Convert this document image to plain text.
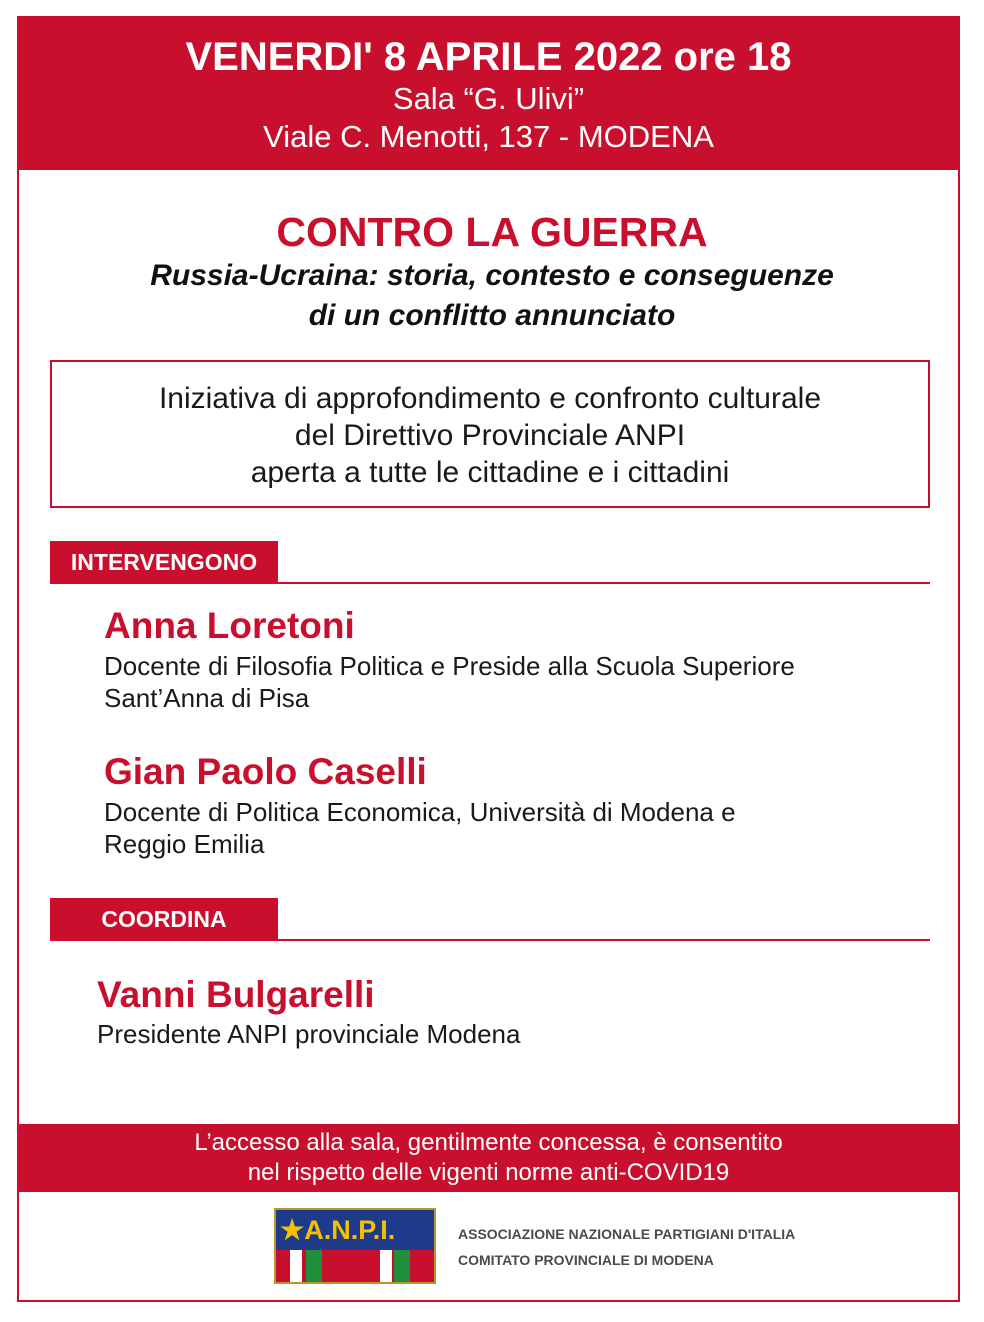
VENERDI' 8 APRILE 2022 ore 18
Sala “G. Ulivi”
Viale C. Menotti, 137 - MODENA
CONTRO LA GUERRA
Russia-Ucraina: storia, contesto e conseguenze
di un conflitto annunciato
Iniziativa di approfondimento e confronto culturale
del Direttivo Provinciale ANPI
aperta a tutte le cittadine e i cittadini
INTERVENGONO
Anna Loretoni
Docente di Filosofia Politica e Preside alla Scuola Superiore
Sant’Anna di Pisa
Gian Paolo Caselli
Docente di Politica Economica, Università di Modena e
Reggio Emilia
COORDINA
Vanni Bulgarelli
Presidente ANPI provinciale Modena
L’accesso alla sala, gentilmente concessa, è consentito
nel rispetto delle vigenti norme anti-COVID19
★A.N.P.I.	ASSOCIAZIONE NAZIONALE PARTIGIANI D'ITALIA
COMITATO PROVINCIALE DI MODENA
